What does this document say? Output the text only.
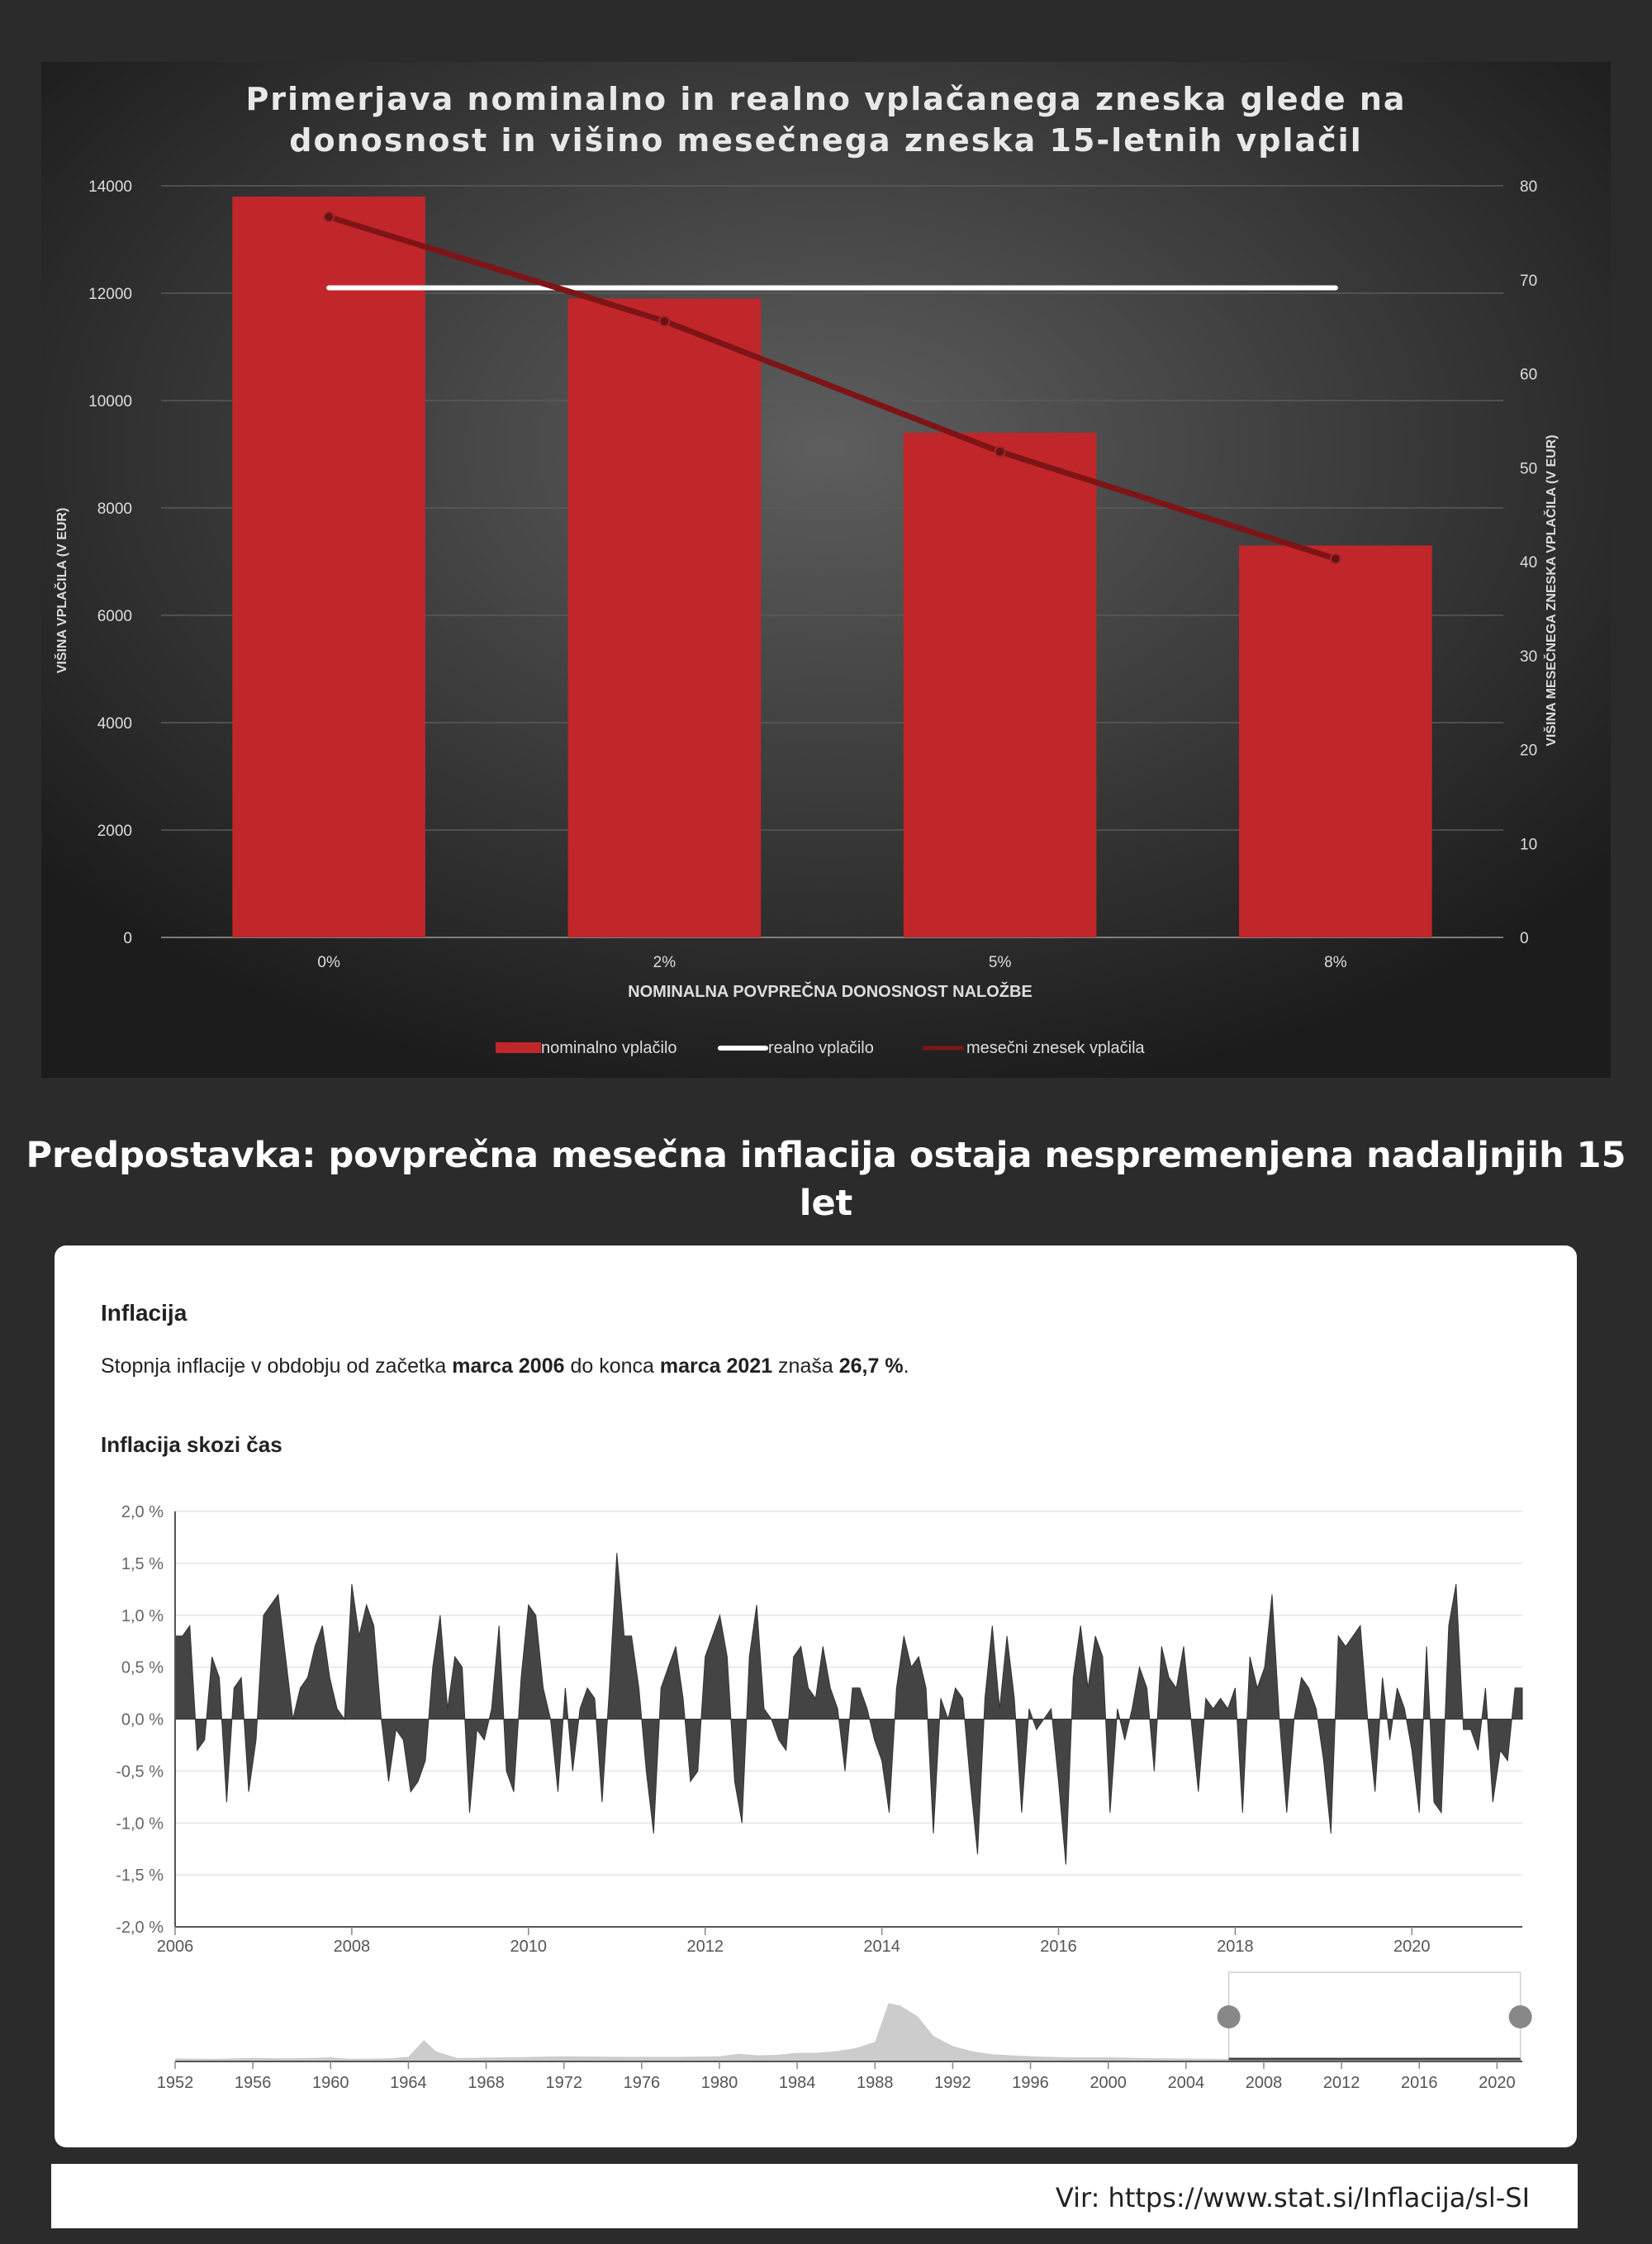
0
2000
4000
6000
8000
10000
12000
14000
0
10
20
30
40
50
60
70
80
0%	2%	5%	8%
VIŠINA VPLAČILA (V EUR)	VIŠINA MESEČNEGA ZNESKA VPLAČILA (V EUR)
NOMINALNA POVPREČNA DONOSNOST NALOŽBE
nominalno vplačilo	realno vplačilo	mesečni znesek vplačila
Primerjava nominalno in realno vplačanega zneska glede na
donosnost in višino mesečnega zneska 15-letnih vplačil
Predpostavka: povprečna mesečna inflacija ostaja nespremenjena nadaljnjih 15 let
2,0 %
1,5 %
1,0 %
0,5 %
0,0 %
-0,5 %
-1,0 %
-1,5 %
-2,0 %
2006	2008	2010	2012	2014	2016	2018	2020
1952 1956 1960 1964 1968 1972 1976 1980 1984 1988 1992 1996 2000 2004 2008 2012 2016 2020
Inflacija
Stopnja inflacije v obdobju od začetka marca 2006 do konca marca 2021 znaša 26,7 %.
Inflacija skozi čas
Vir: https://www.stat.si/Inflacija/sl-SI
